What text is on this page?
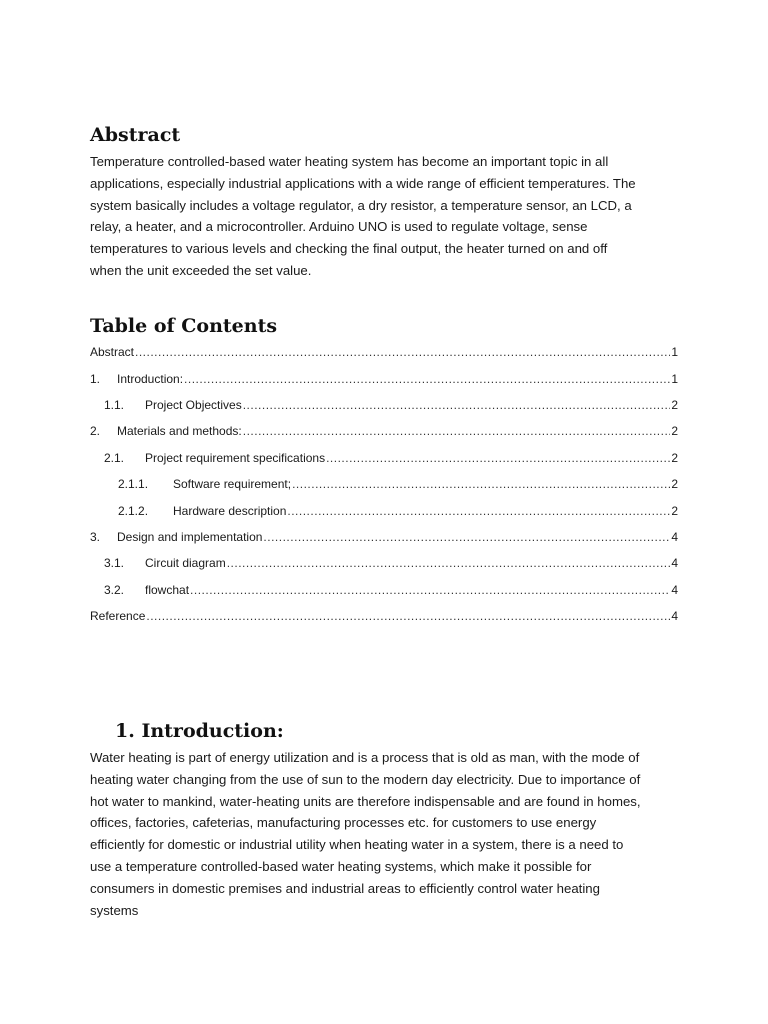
Abstract
Temperature controlled-based water heating system has become an important topic in all
applications, especially industrial applications with a wide range of efficient temperatures. The
system basically includes a voltage regulator, a dry resistor, a temperature sensor, an LCD, a
relay, a heater, and a microcontroller. Arduino UNO is used to regulate voltage, sense
temperatures to various levels and checking the final output, the heater turned on and off
when the unit exceeded the set value.
Table of Contents
Abstract .....	1
1.	Introduction: .....	1
1.1.	Project Objectives .....	2
2.	Materials and methods: .....	2
2.1.	Project requirement specifications .....	2
2.1.1.	Software requirement; .....	2
2.1.2.	Hardware description .....	2
3.	Design and implementation .....	4
3.1.	Circuit diagram .....	4
3.2.	flowchat .....	4
Reference .....	4
1. Introduction:
Water heating is part of energy utilization and is a process that is old as man, with the mode of
heating water changing from the use of sun to the modern day electricity. Due to importance of
hot water to mankind, water-heating units are therefore indispensable and are found in homes,
offices, factories, cafeterias, manufacturing processes etc. for customers to use energy
efficiently for domestic or industrial utility when heating water in a system, there is a need to
use a temperature controlled-based water heating systems, which make it possible for
consumers in domestic premises and industrial areas to efficiently control water heating
systems
